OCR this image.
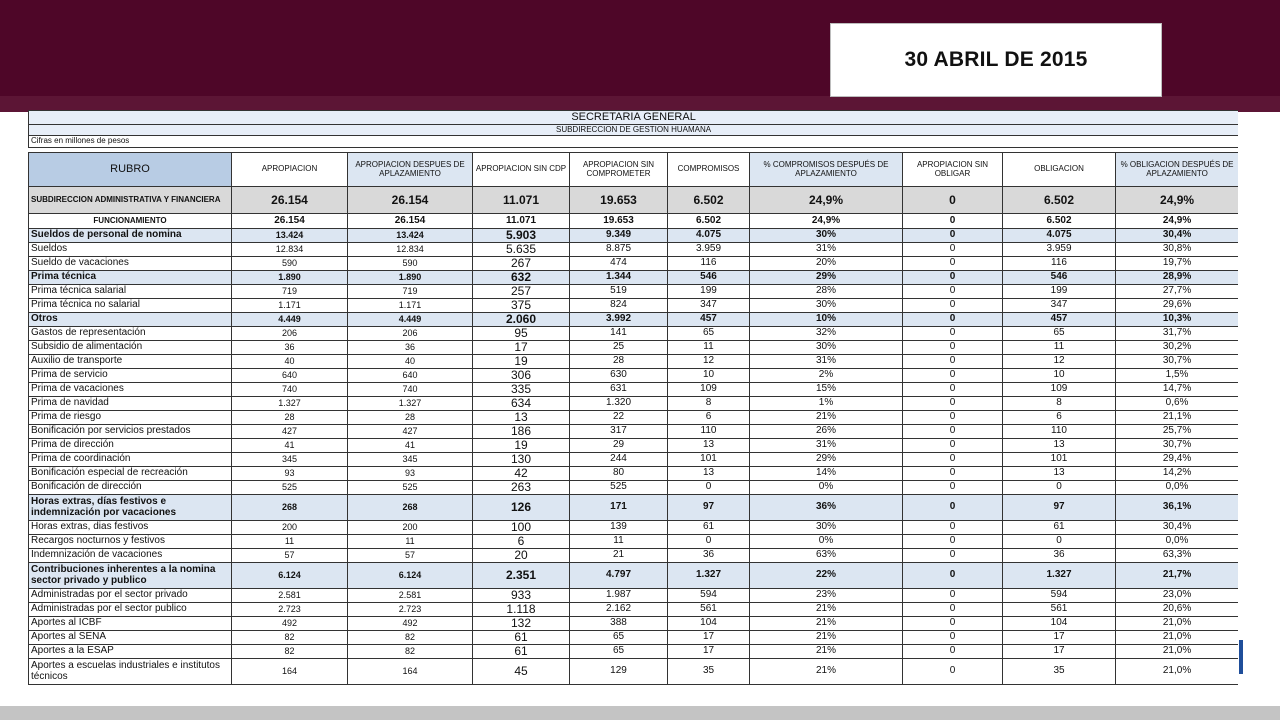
30 ABRIL DE 2015
SECRETARIA GENERAL									
SUBDIRECCION DE GESTION HUAMANA									
Cifras en millones de pesos									

RUBRO	APROPIACION	APROPIACION DESPUES DE APLAZAMIENTO	APROPIACION SIN CDP	APROPIACION SIN COMPROMETER	COMPROMISOS	% COMPROMISOS DESPUÉS DE APLAZAMIENTO	APROPIACION SIN OBLIGAR	OBLIGACION	% OBLIGACION DESPUÉS DE APLAZAMIENTO
SUBDIRECCION ADMINISTRATIVA Y FINANCIERA	26.154	26.154	11.071	19.653	6.502	24,9%	0	6.502	24,9%
FUNCIONAMIENTO	26.154	26.154	11.071	19.653	6.502	24,9%	0	6.502	24,9%
Sueldos de personal de nomina	13.424	13.424	5.903	9.349	4.075	30%	0	4.075	30,4%
Sueldos	12.834	12.834	5.635	8.875	3.959	31%	0	3.959	30,8%
Sueldo de vacaciones	590	590	267	474	116	20%	0	116	19,7%
Prima técnica	1.890	1.890	632	1.344	546	29%	0	546	28,9%
Prima técnica salarial	719	719	257	519	199	28%	0	199	27,7%
Prima técnica no salarial	1.171	1.171	375	824	347	30%	0	347	29,6%
Otros	4.449	4.449	2.060	3.992	457	10%	0	457	10,3%
Gastos de representación	206	206	95	141	65	32%	0	65	31,7%
Subsidio de alimentación	36	36	17	25	11	30%	0	11	30,2%
Auxilio de transporte	40	40	19	28	12	31%	0	12	30,7%
Prima de servicio	640	640	306	630	10	2%	0	10	1,5%
Prima de vacaciones	740	740	335	631	109	15%	0	109	14,7%
Prima de navidad	1.327	1.327	634	1.320	8	1%	0	8	0,6%
Prima de riesgo	28	28	13	22	6	21%	0	6	21,1%
Bonificación por servicios prestados	427	427	186	317	110	26%	0	110	25,7%
Prima de dirección	41	41	19	29	13	31%	0	13	30,7%
Prima de coordinación	345	345	130	244	101	29%	0	101	29,4%
Bonificación especial de recreación	93	93	42	80	13	14%	0	13	14,2%
Bonificación de dirección	525	525	263	525	0	0%	0	0	0,0%
Horas extras, días festivos e indemnización por vacaciones	268	268	126	171	97	36%	0	97	36,1%
Horas extras, dias festivos	200	200	100	139	61	30%	0	61	30,4%
Recargos nocturnos y festivos	11	11	6	11	0	0%	0	0	0,0%
Indemnización de vacaciones	57	57	20	21	36	63%	0	36	63,3%
Contribuciones inherentes a la nomina sector privado y publico	6.124	6.124	2.351	4.797	1.327	22%	0	1.327	21,7%
Administradas por el sector privado	2.581	2.581	933	1.987	594	23%	0	594	23,0%
Administradas por el sector publico	2.723	2.723	1.118	2.162	561	21%	0	561	20,6%
Aportes al ICBF	492	492	132	388	104	21%	0	104	21,0%
Aportes al SENA	82	82	61	65	17	21%	0	17	21,0%
Aportes a la ESAP	82	82	61	65	17	21%	0	17	21,0%
Aportes a escuelas industriales e institutos técnicos	164	164	45	129	35	21%	0	35	21,0%
